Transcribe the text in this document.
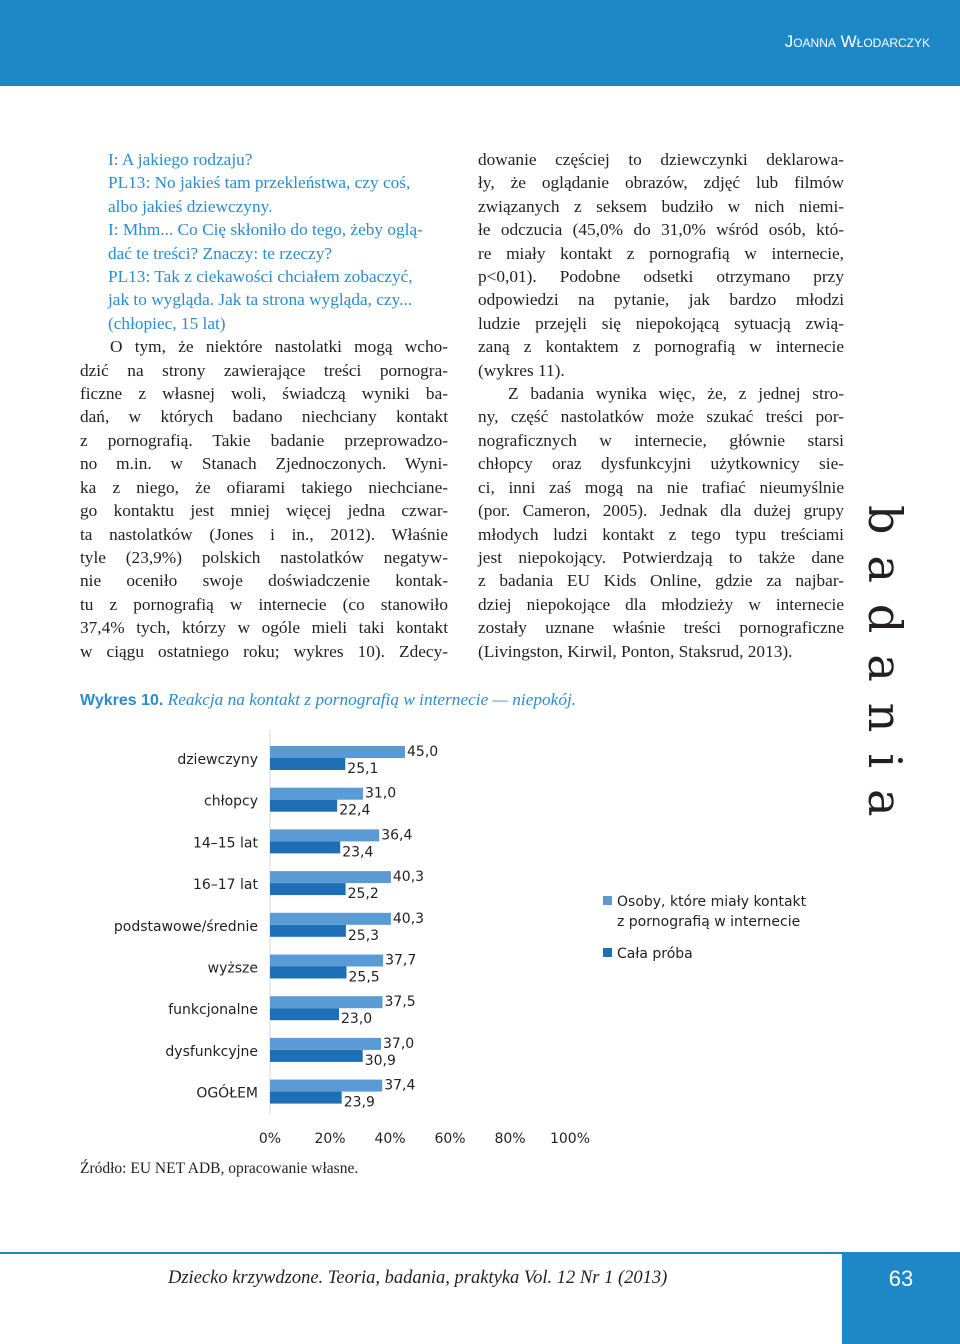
Joanna Włodarczyk
I: A jakiego rodzaju?
PL13: No jakieś tam przekleństwa, czy coś,
albo jakieś dziewczyny.
I: Mhm... Co Cię skłoniło do tego, żeby oglą-
dać te treści? Znaczy: te rzeczy?
PL13: Tak z ciekawości chciałem zobaczyć,
jak to wygląda. Jak ta strona wygląda, czy...
(chłopiec, 15 lat)
O tym, że niektóre nastolatki mogą wcho-
dzić na strony zawierające treści pornogra-
ficzne z własnej woli, świadczą wyniki ba-
dań, w których badano niechciany kontakt
z pornografią. Takie badanie przeprowadzo-
no m.in. w Stanach Zjednoczonych. Wyni-
ka z niego, że ofiarami takiego niechciane-
go kontaktu jest mniej więcej jedna czwar-
ta nastolatków (Jones i in., 2012). Właśnie
tyle (23,9%) polskich nastolatków negatyw-
nie oceniło swoje doświadczenie kontak-
tu z pornografią w internecie (co stanowiło
37,4% tych, którzy w ogóle mieli taki kontakt
w ciągu ostatniego roku; wykres 10). Zdecy-
dowanie częściej to dziewczynki deklarowa-
ły, że oglądanie obrazów, zdjęć lub filmów
związanych z seksem budziło w nich niemi-
łe odczucia (45,0% do 31,0% wśród osób, któ-
re miały kontakt z pornografią w internecie,
p<0,01). Podobne odsetki otrzymano przy
odpowiedzi na pytanie, jak bardzo młodzi
ludzie przejęli się niepokojącą sytuacją zwią-
zaną z kontaktem z pornografią w internecie
(wykres 11).
Z badania wynika więc, że, z jednej stro-
ny, część nastolatków może szukać treści por-
nograficznych w internecie, głównie starsi
chłopcy oraz dysfunkcyjni użytkownicy sie-
ci, inni zaś mogą na nie trafiać nieumyślnie
(por. Cameron, 2005). Jednak dla dużej grupy
młodych ludzi kontakt z tego typu treściami
jest niepokojący. Potwierdzają to także dane
z badania EU Kids Online, gdzie za najbar-
dziej niepokojące dla młodzieży w internecie
zostały uznane właśnie treści pornograficzne
(Livingston, Kirwil, Ponton, Staksrud, 2013).	badania
Wykres 10. Reakcja na kontakt z pornografią w internecie — niepokój.
dziewczyny	45,0
25,1
chłopcy	31,0
22,4
14–15 lat	36,4
23,4
16–17 lat	40,3
25,2
podstawowe/średnie	40,3
25,3
wyższe	37,7
25,5
funkcjonalne	37,5
23,0
dysfunkcyjne	37,0
30,9
OGÓŁEM	37,4
23,9
0% 20% 40% 60% 80% 100%
Osoby, które miały kontakt z pornografią w internecie
Cała próba
Źródło: EU NET ADB, opracowanie własne.
Dziecko krzywdzone. Teoria, badania, praktyka Vol. 12 Nr 1 (2013)	63
